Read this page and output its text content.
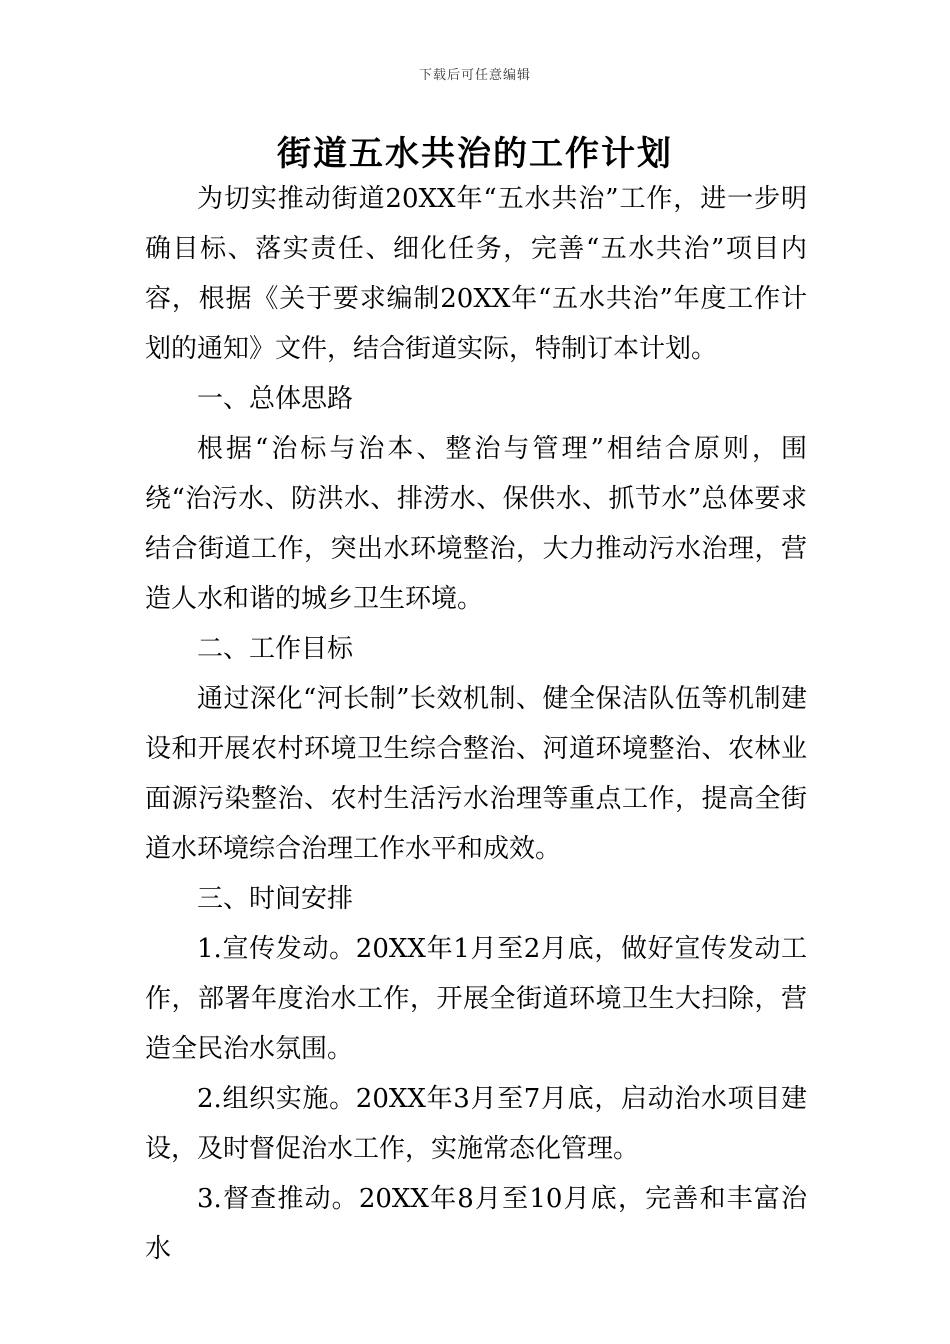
下载后可任意编辑
街道五水共治的工作计划

为切实推动街道20XX年“五水共治”工作，进一步明确目标、落实责任、细化任务，完善“五水共治”项目内容，根据《关于要求编制20XX年“五水共治”年度工作计划的通知》文件，结合街道实际，特制订本计划。

一、总体思路

根据“治标与治本、整治与管理”相结合原则，围绕“治污水、防洪水、排涝水、保供水、抓节水”总体要求结合街道工作，突出水环境整治，大力推动污水治理，营造人水和谐的城乡卫生环境。

二、工作目标

通过深化“河长制”长效机制、健全保洁队伍等机制建设和开展农村环境卫生综合整治、河道环境整治、农林业面源污染整治、农村生活污水治理等重点工作，提高全街道水环境综合治理工作水平和成效。

三、时间安排

1.宣传发动。20XX年1月至2月底，做好宣传发动工作，部署年度治水工作，开展全街道环境卫生大扫除，营造全民治水氛围。

2.组织实施。20XX年3月至7月底，启动治水项目建设，及时督促治水工作，实施常态化管理。

3.督查推动。20XX年8月至10月底，完善和丰富治水
